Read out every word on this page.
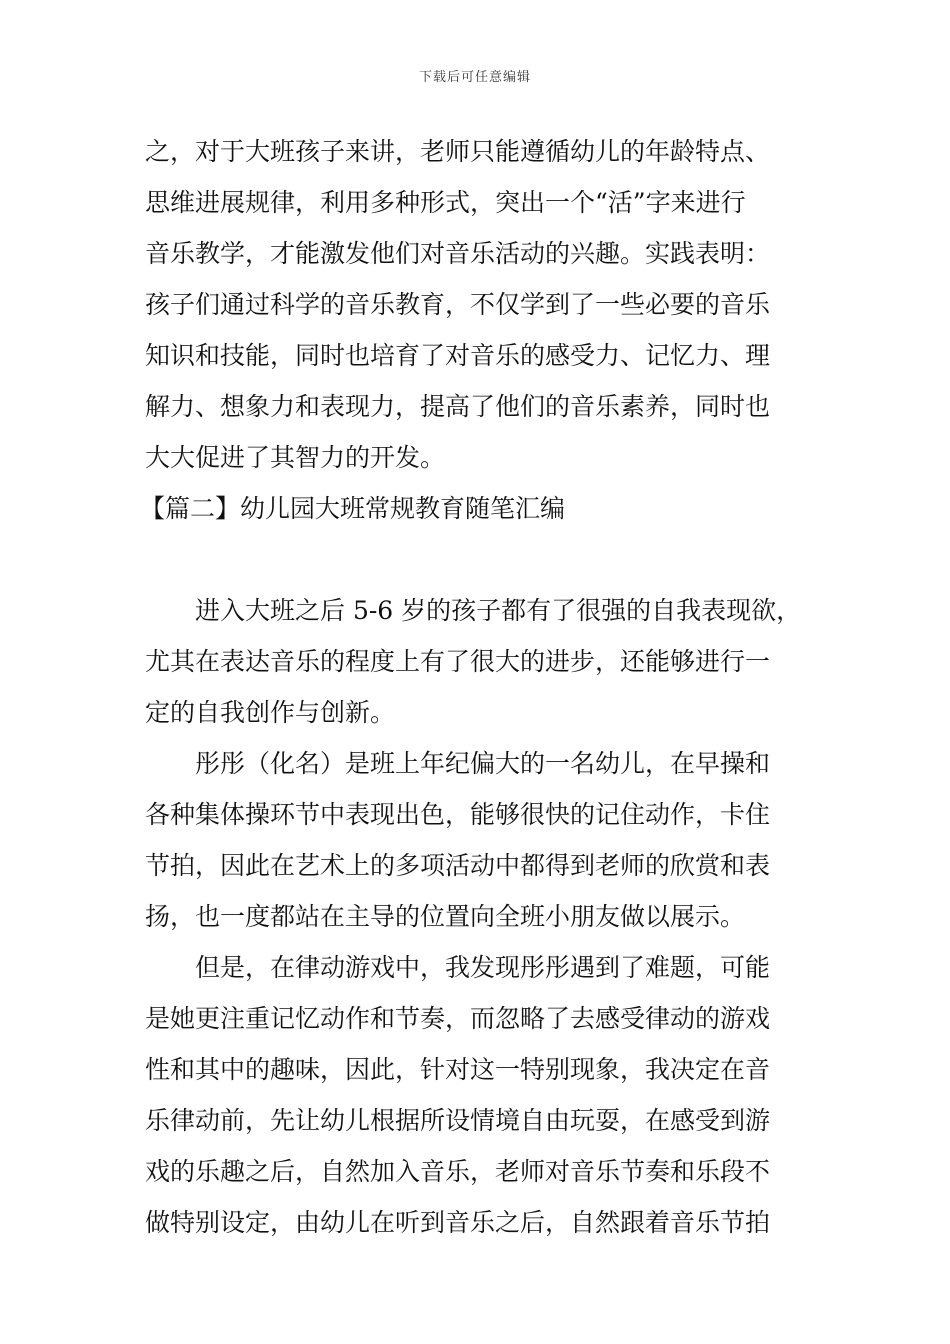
下载后可任意编辑
之，对于大班孩子来讲，老师只能遵循幼儿的年龄特点、
思维进展规律，利用多种形式，突出一个“活”字来进行
音乐教学，才能激发他们对音乐活动的兴趣。实践表明：
孩子们通过科学的音乐教育，不仅学到了一些必要的音乐
知识和技能，同时也培育了对音乐的感受力、记忆力、理
解力、想象力和表现力，提高了他们的音乐素养，同时也
大大促进了其智力的开发。
【篇二】幼儿园大班常规教育随笔汇编
进入大班之后 5-6 岁的孩子都有了很强的自我表现欲，
尤其在表达音乐的程度上有了很大的进步，还能够进行一
定的自我创作与创新。
彤彤（化名）是班上年纪偏大的一名幼儿，在早操和
各种集体操环节中表现出色，能够很快的记住动作，卡住
节拍，因此在艺术上的多项活动中都得到老师的欣赏和表
扬，也一度都站在主导的位置向全班小朋友做以展示。
但是，在律动游戏中，我发现彤彤遇到了难题，可能
是她更注重记忆动作和节奏，而忽略了去感受律动的游戏
性和其中的趣味，因此，针对这一特别现象，我决定在音
乐律动前，先让幼儿根据所设情境自由玩耍，在感受到游
戏的乐趣之后，自然加入音乐，老师对音乐节奏和乐段不
做特别设定，由幼儿在听到音乐之后，自然跟着音乐节拍
